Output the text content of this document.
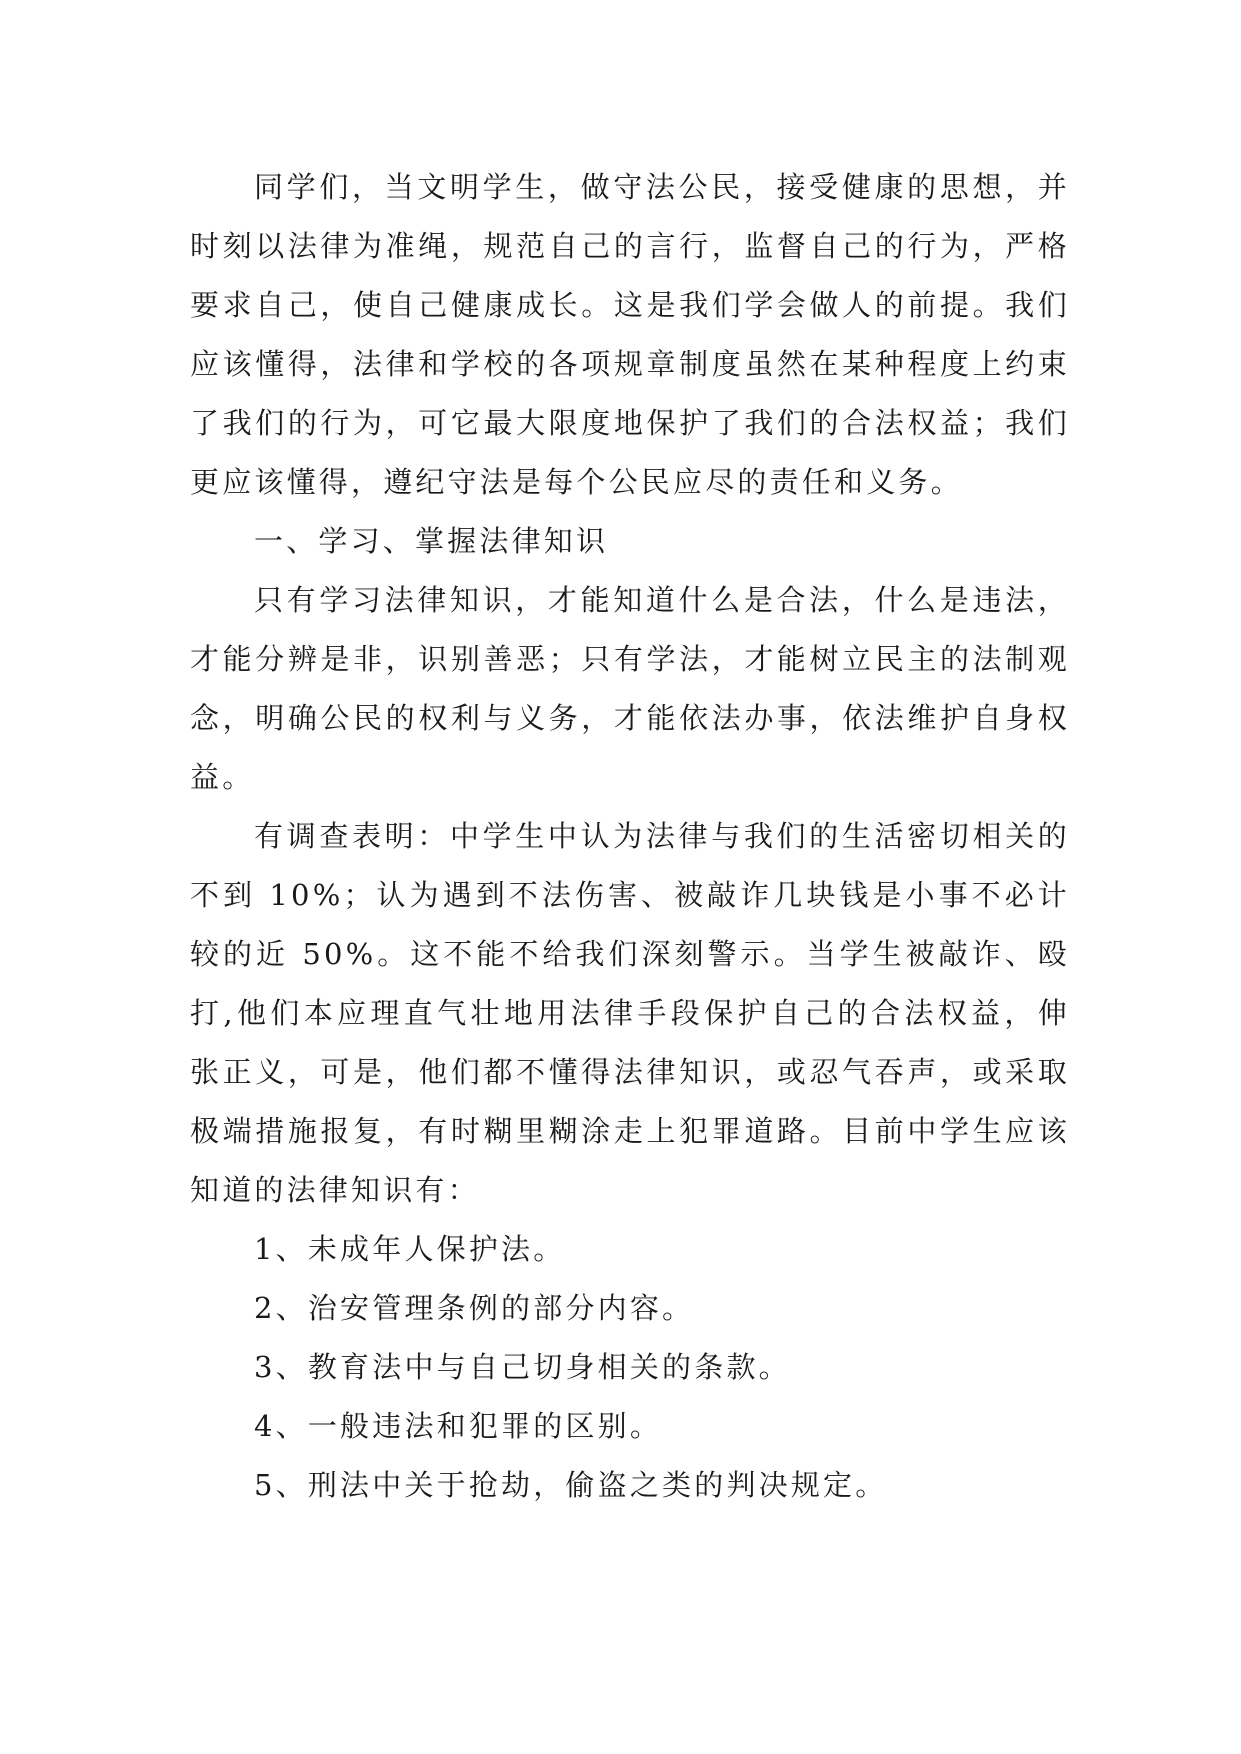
同学们，当文明学生，做守法公民，接受健康的思想，并时刻以法律为准绳，规范自己的言行，监督自己的行为，严格要求自己，使自己健康成长。这是我们学会做人的前提。我们应该懂得，法律和学校的各项规章制度虽然在某种程度上约束了我们的行为，可它最大限度地保护了我们的合法权益；我们更应该懂得，遵纪守法是每个公民应尽的责任和义务。

一、学习、掌握法律知识

只有学习法律知识，才能知道什么是合法，什么是违法，才能分辨是非，识别善恶；只有学法，才能树立民主的法制观念，明确公民的权利与义务，才能依法办事，依法维护自身权益。

有调查表明：中学生中认为法律与我们的生活密切相关的不到 10%；认为遇到不法伤害、被敲诈几块钱是小事不必计较的近 50%。这不能不给我们深刻警示。当学生被敲诈、殴打,他们本应理直气壮地用法律手段保护自己的合法权益，伸张正义，可是，他们都不懂得法律知识，或忍气吞声，或采取极端措施报复，有时糊里糊涂走上犯罪道路。目前中学生应该知道的法律知识有：

1、未成年人保护法。
2、治安管理条例的部分内容。
3、教育法中与自己切身相关的条款。
4、一般违法和犯罪的区别。
5、刑法中关于抢劫，偷盗之类的判决规定。
